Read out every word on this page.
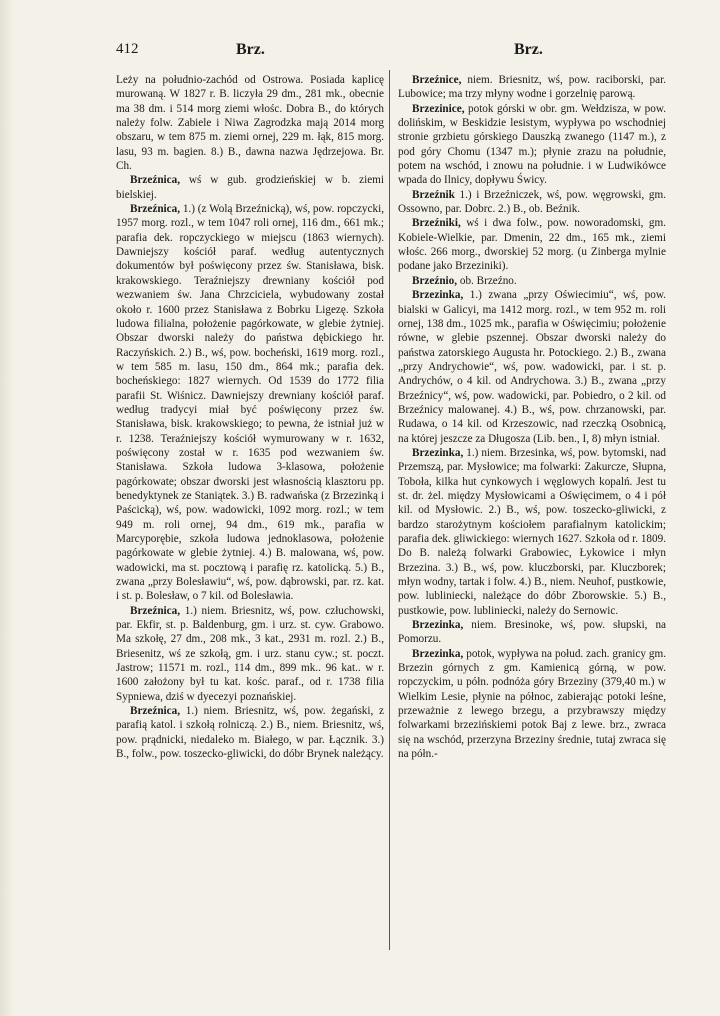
412	Brz.	Brz.

Leży na południo-zachód od Ostrowa. Posiada kaplicę murowaną. W 1827 r. B. liczyła 29 dm., 281 mk., obecnie ma 38 dm. i 514 morg ziemi włośc. Dobra B., do których należy folw. Zabiele i Niwa Zagrodzka mają 2014 morg obszaru, w tem 875 m. ziemi ornej, 229 m. łąk, 815 morg. lasu, 93 m. bagien. 8.) B., dawna nazwa Jędrzejowa. Br. Ch.

Brzeźnica, wś w gub. grodzieńskiej w b. ziemi bielskiej.

Brzeźnica, 1.) (z Wolą Brzeźnicką), wś, pow. ropczycki, 1957 morg. rozl., w tem 1047 roli ornej, 116 dm., 661 mk.; parafia dek. ropczyckiego w miejscu (1863 wiernych). Dawniejszy kościół paraf. według autentycznych dokumentów był poświęcony przez św. Stanisława, bisk. krakowskiego. Teraźniejszy drewniany kościół pod wezwaniem św. Jana Chrzciciela, wybudowany został około r. 1600 przez Stanisława z Bobrku Ligezę. Szkoła ludowa filialna, położenie pagórkowate, w glebie żytniej. Obszar dworski należy do państwa dębickiego hr. Raczyńskich. 2.) B., wś, pow. bocheński, 1619 morg. rozl., w tem 585 m. lasu, 150 dm., 864 mk.; parafia dek. bocheńskiego: 1827 wiernych. Od 1539 do 1772 filia parafii St. Wiśnicz. Dawniejszy drewniany kościół paraf. według tradycyi miał być poświęcony przez św. Stanisława, bisk. krakowskiego; to pewna, że istniał już w r. 1238. Teraźniejszy kościół wymurowany w r. 1632, poświęcony został w r. 1635 pod wezwaniem św. Stanisława. Szkoła ludowa 3-klasowa, położenie pagórkowate; obszar dworski jest własnością klasztoru pp. benedyktynek ze Staniątek. 3.) B. radwańska (z Brzezinką i Paścicką), wś, pow. wadowicki, 1092 morg. rozl.; w tem 949 m. roli ornej, 94 dm., 619 mk., parafia w Marcyporębie, szkoła ludowa jednoklasowa, położenie pagórkowate w glebie żytniej. 4.) B. malowana, wś, pow. wadowicki, ma st. pocztową i parafię rz. katolicką. 5.) B., zwana „przy Bolesławiu“, wś, pow. dąbrowski, par. rz. kat. i st. p. Bolesław, o 7 kil. od Bolesławia.

Brzeźnica, 1.) niem. Briesnitz, wś, pow. człuchowski, par. Ekfir, st. p. Baldenburg, gm. i urz. st. cyw. Grabowo. Ma szkołę, 27 dm., 208 mk., 3 kat., 2931 m. rozl. 2.) B., Briesenitz, wś ze szkołą, gm. i urz. stanu cyw.; st. poczt. Jastrow; 11571 m. rozl., 114 dm., 899 mk.. 96 kat.. w r. 1600 założony był tu kat. kośc. paraf., od r. 1738 filia Sypniewa, dziś w dyecezyi poznańskiej.

Brzeźnica, 1.) niem. Briesnitz, wś, pow. żegański, z parafią katol. i szkołą rolniczą. 2.) B., niem. Briesnitz, wś, pow. prądnicki, niedaleko m. Białego, w par. Łącznik. 3.) B., folw., pow. toszecko-gliwicki, do dóbr Brynek należący.

Brzeźnice, niem. Briesnitz, wś, pow. raciborski, par. Lubowice; ma trzy młyny wodne i gorzelnię parową.

Brzezinice, potok górski w obr. gm. Wełdzisza, w pow. dolińskim, w Beskidzie lesistym, wypływa po wschodniej stronie grzbietu górskiego Dauszką zwanego (1147 m.), z pod góry Chomu (1347 m.); płynie zrazu na południe, potem na wschód, i znowu na południe. i w Ludwikówce wpada do Ilnicy, dopływu Świcy.

Brzeźnik 1.) i Brzeźniczek, wś, pow. węgrowski, gm. Ossowno, par. Dobrc. 2.) B., ob. Beźnik.

Brzeźniki, wś i dwa folw., pow. noworadomski, gm. Kobiele-Wielkie, par. Dmenin, 22 dm., 165 mk., ziemi włośc. 266 morg., dworskiej 52 morg. (u Zinberga mylnie podane jako Brzeziniki).

Brzeźnio, ob. Brzeźno.

Brzezinka, 1.) zwana „przy Oświecimiu“, wś, pow. bialski w Galicyi, ma 1412 morg. rozl., w tem 952 m. roli ornej, 138 dm., 1025 mk., parafia w Oświęcimiu; położenie równe, w glebie pszennej. Obszar dworski należy do państwa zatorskiego Augusta hr. Potockiego. 2.) B., zwana „przy Andrychowie“, wś, pow. wadowicki, par. i st. p. Andrychów, o 4 kil. od Andrychowa. 3.) B., zwana „przy Brzeźnicy“, wś, pow. wadowicki, par. Pobiedro, o 2 kil. od Brzeźnicy malowanej. 4.) B., wś, pow. chrzanowski, par. Rudawa, o 14 kil. od Krzeszowic, nad rzeczką Osobnicą, na której jeszcze za Długosza (Lib. ben., I, 8) młyn istniał.

Brzezinka, 1.) niem. Brzesinka, wś, pow. bytomski, nad Przemszą, par. Mysłowice; ma folwarki: Zakurcze, Słupna, Toboła, kilka hut cynkowych i węglowych kopalń. Jest tu st. dr. żel. między Mysłowicami a Oświęcimem, o 4 i pół kil. od Mysłowic. 2.) B., wś, pow. toszecko-gliwicki, z bardzo starożytnym kościołem parafialnym katolickim; parafia dek. gliwickiego: wiernych 1627. Szkoła od r. 1809. Do B. należą folwarki Grabowiec, Łykowice i młyn Brzezina. 3.) B., wś, pow. kluczborski, par. Kluczborek; młyn wodny, tartak i folw. 4.) B., niem. Neuhof, pustkowie, pow. lubliniecki, należące do dóbr Zborowskie. 5.) B., pustkowie, pow. lubliniecki, należy do Sernowic.

Brzezinka, niem. Bresinoke, wś, pow. słupski, na Pomorzu.

Brzezinka, potok, wypływa na połud. zach. granicy gm. Brzezin górnych z gm. Kamienicą górną, w pow. ropczyckim, u półn. podnóża góry Brzeziny (379,40 m.) w Wielkim Lesie, płynie na północ, zabierając potoki leśne, przeważnie z lewego brzegu, a przybrawszy między folwarkami brzezińskiemi potok Baj z lewe. brz., zwraca się na wschód, przerzyna Brzeziny średnie, tutaj zwraca się na półn.-
